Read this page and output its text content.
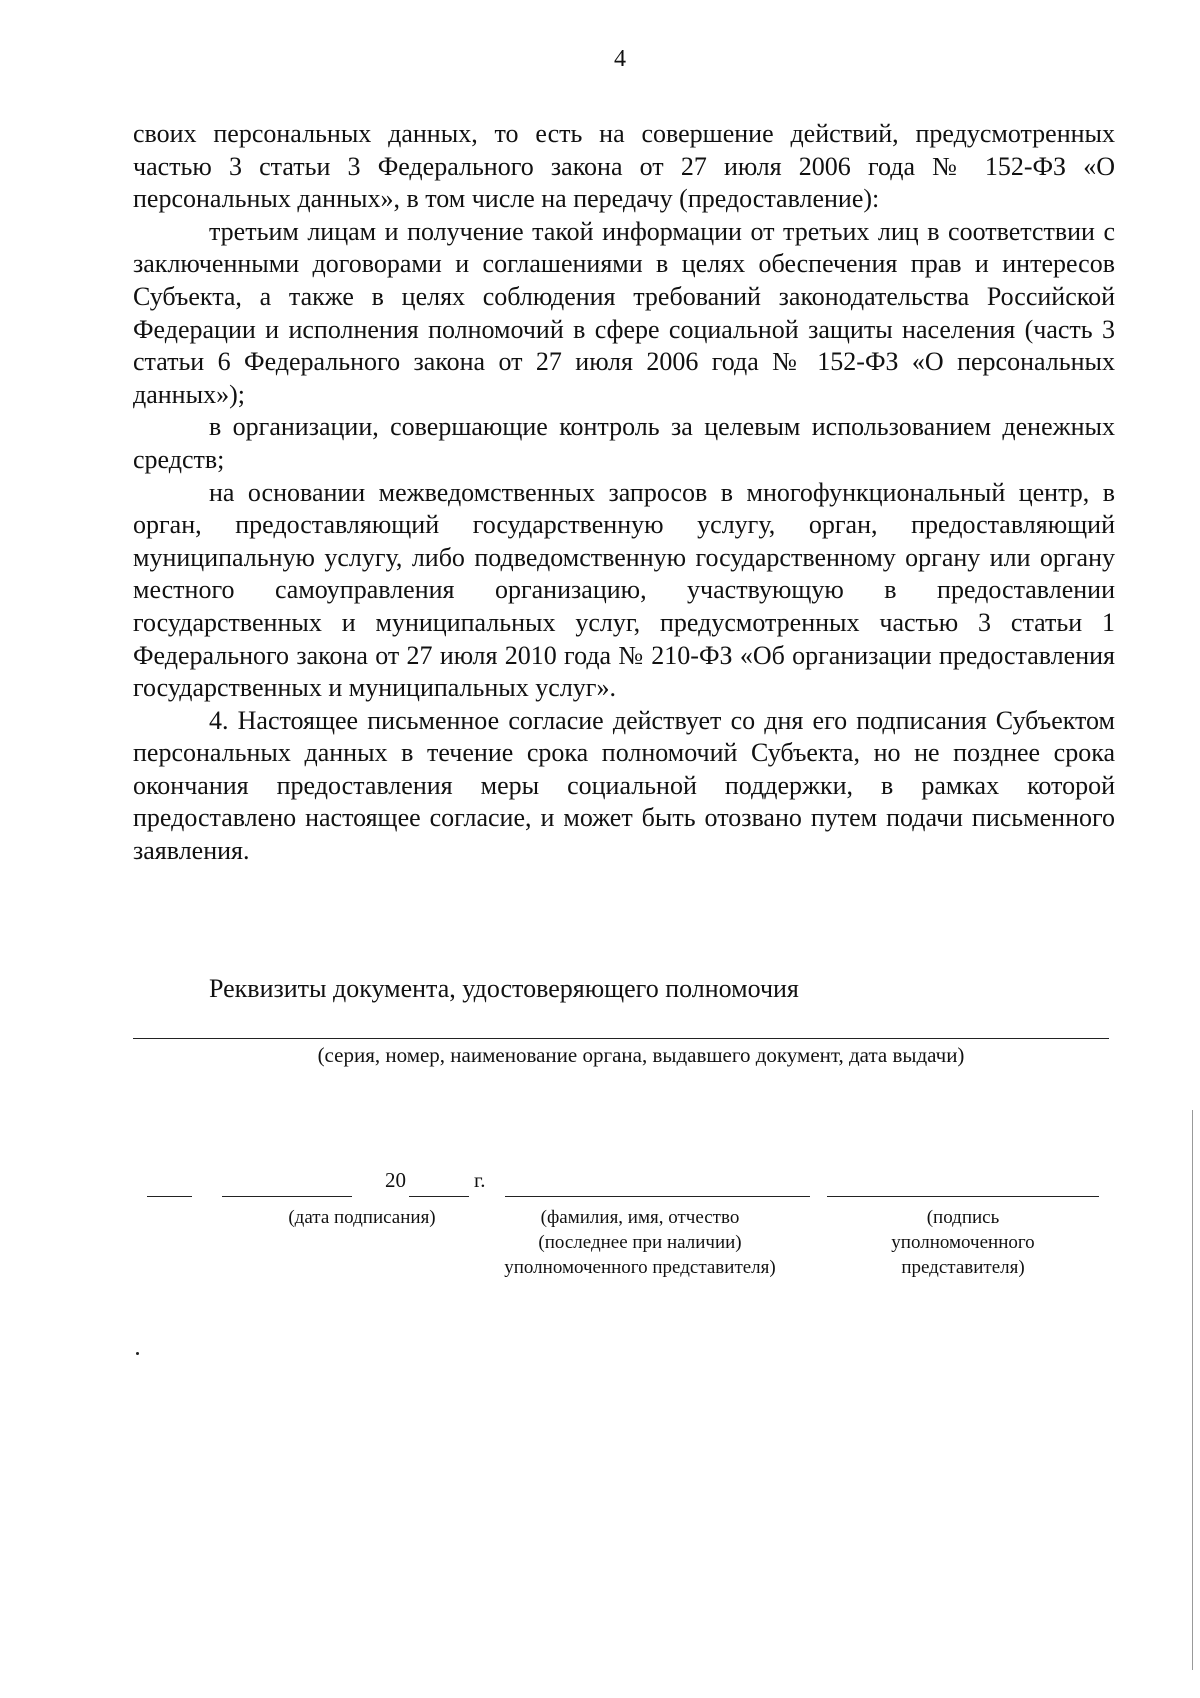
4

своих персональных данных, то есть на совершение действий, предусмотренных частью 3 статьи 3 Федерального закона от 27 июля 2006 года № 152-ФЗ «О персональных данных», в том числе на передачу (предоставление):

третьим лицам и получение такой информации от третьих лиц в соответствии с заключенными договорами и соглашениями в целях обеспечения прав и интересов Субъекта, а также в целях соблюдения требований законодательства Российской Федерации и исполнения полномочий в сфере социальной защиты населения (часть 3 статьи 6 Федерального закона от 27 июля 2006 года № 152-ФЗ «О персональных данных»);

в организации, совершающие контроль за целевым использованием денежных средств;

на основании межведомственных запросов в многофункциональный центр, в орган, предоставляющий государственную услугу, орган, предоставляющий муниципальную услугу, либо подведомственную государственному органу или органу местного самоуправления организацию, участвующую в предоставлении государственных и муниципальных услуг, предусмотренных частью 3 статьи 1 Федерального закона от 27 июля 2010 года № 210-ФЗ «Об организации предоставления государственных и муниципальных услуг».

4. Настоящее письменное согласие действует со дня его подписания Субъектом персональных данных в течение срока полномочий Субъекта, но не позднее срока окончания предоставления меры социальной поддержки, в рамках которой предоставлено настоящее согласие, и может быть отозвано путем подачи письменного заявления.

Реквизиты документа, удостоверяющего полномочия
(серия, номер, наименование органа, выдавшего документ, дата выдачи)
20	г.
(дата подписания)	(фамилия, имя, отчество
(последнее при наличии)
уполномоченного представителя)
(подпись
уполномоченного
представителя)
